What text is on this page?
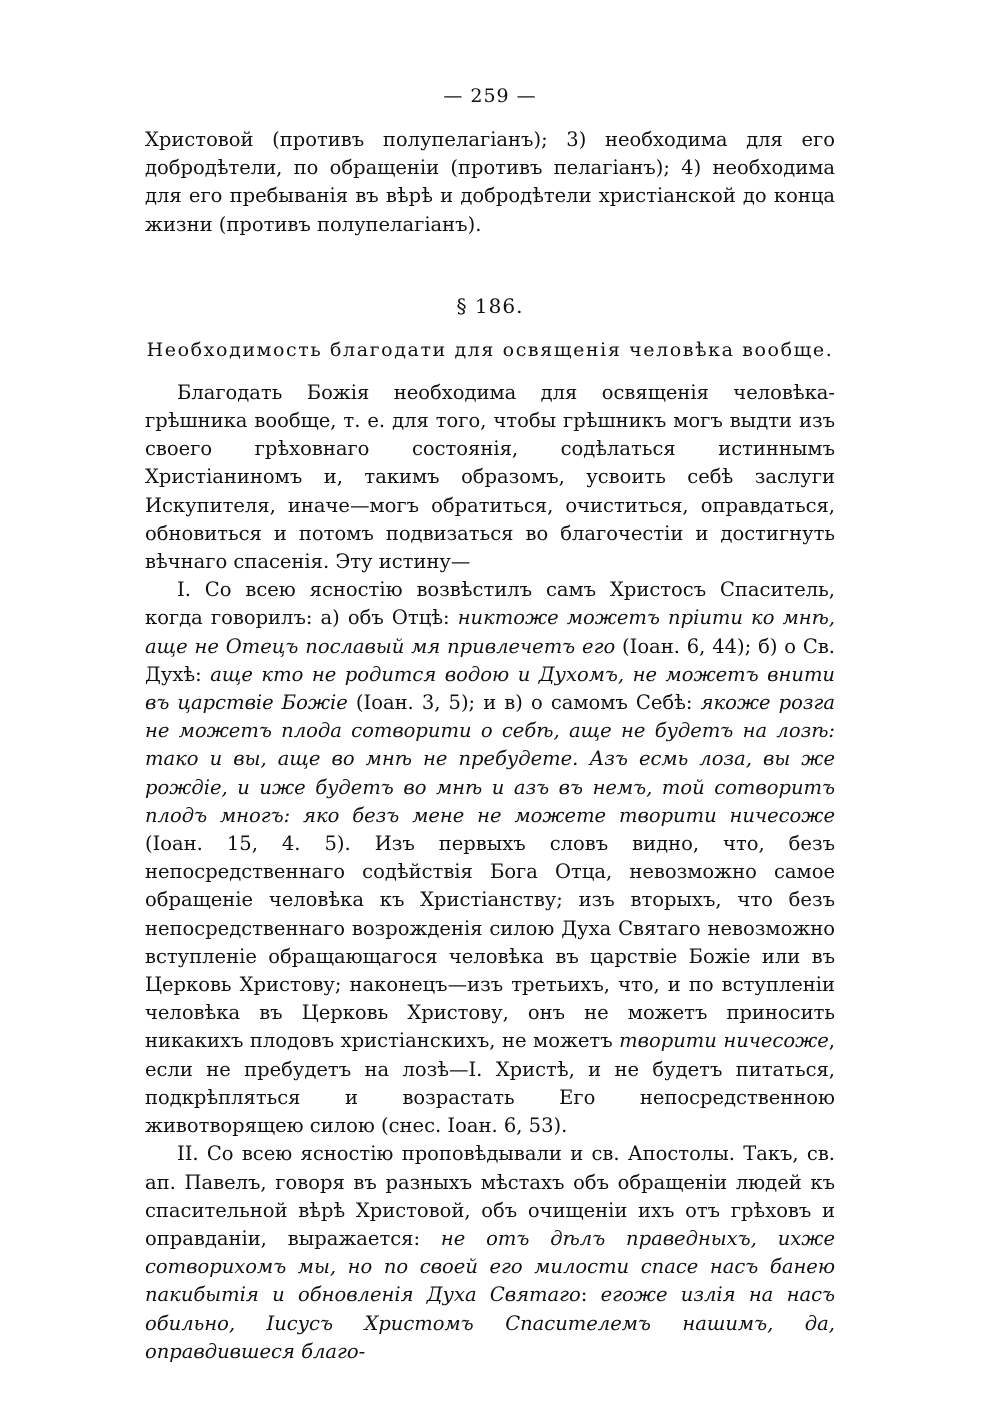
— 259 —

Христовой (противъ полупелагіанъ); 3) необходима для его добродѣтели, по обращеніи (противъ пелагіанъ); 4) необходима для его пребыванія въ вѣрѣ и добродѣтели христіанской до конца жизни (противъ полупелагіанъ).

§ 186.
Необходимость благодати для освященія человѣка вообще.

Благодать Божія необходима для освященія человѣка-грѣшника вообще, т. е. для того, чтобы грѣшникъ могъ выдти изъ своего грѣховнаго состоянія, содѣлаться истиннымъ Христіаниномъ и, такимъ образомъ, усвоить себѣ заслуги Искупителя, иначе—могъ обратиться, очиститься, оправдаться, обновиться и потомъ подвизаться во благочестіи и достигнуть вѣчнаго спасенія. Эту истину—

I. Со всею ясностію возвѣстилъ самъ Христосъ Спаситель, когда говорилъ: а) объ Отцѣ: никтоже можетъ пріити ко мнѣ, аще не Отецъ пославый мя привлечетъ его (Іоан. 6, 44); б) о Св. Духѣ: аще кто не родится водою и Духомъ, не можетъ внити въ царствіе Божіе (Іоан. 3, 5); и в) о самомъ Себѣ: якоже розга не можетъ плода сотворити о себѣ, аще не будетъ на лозѣ: тако и вы, аще во мнѣ не пребудете. Азъ есмь лоза, вы же рождіе, и иже будетъ во мнѣ и азъ въ немъ, той сотворитъ плодъ многъ: яко безъ мене не можете творити ничесоже (Іоан. 15, 4. 5). Изъ первыхъ словъ видно, что, безъ непосредственнаго содѣйствія Бога Отца, невозможно самое обращеніе человѣка къ Христіанству; изъ вторыхъ, что безъ непосредственнаго возрожденія силою Духа Святаго невозможно вступленіе обращающагося человѣка въ царствіе Божіе или въ Церковь Христову; наконецъ—изъ третьихъ, что, и по вступленіи человѣка въ Церковь Христову, онъ не можетъ приносить никакихъ плодовъ христіанскихъ, не можетъ творити ничесоже, если не пребудетъ на лозѣ—I. Христѣ, и не будетъ питаться, подкрѣпляться и возрастать Его непосредственною животворящею силою (снес. Іоан. 6, 53).

II. Со всею ясностію проповѣдывали и св. Апостолы. Такъ, св. ап. Павелъ, говоря въ разныхъ мѣстахъ объ обращеніи людей къ спасительной вѣрѣ Христовой, объ очищеніи ихъ отъ грѣховъ и оправданіи, выражается: не отъ дѣлъ праведныхъ, ихже сотворихомъ мы, но по своей его милости спасе насъ банею пакибытія и обновленія Духа Святаго: егоже излія на насъ обильно, Іисусъ Христомъ Спасителемъ нашимъ, да, оправдившеся благо-
